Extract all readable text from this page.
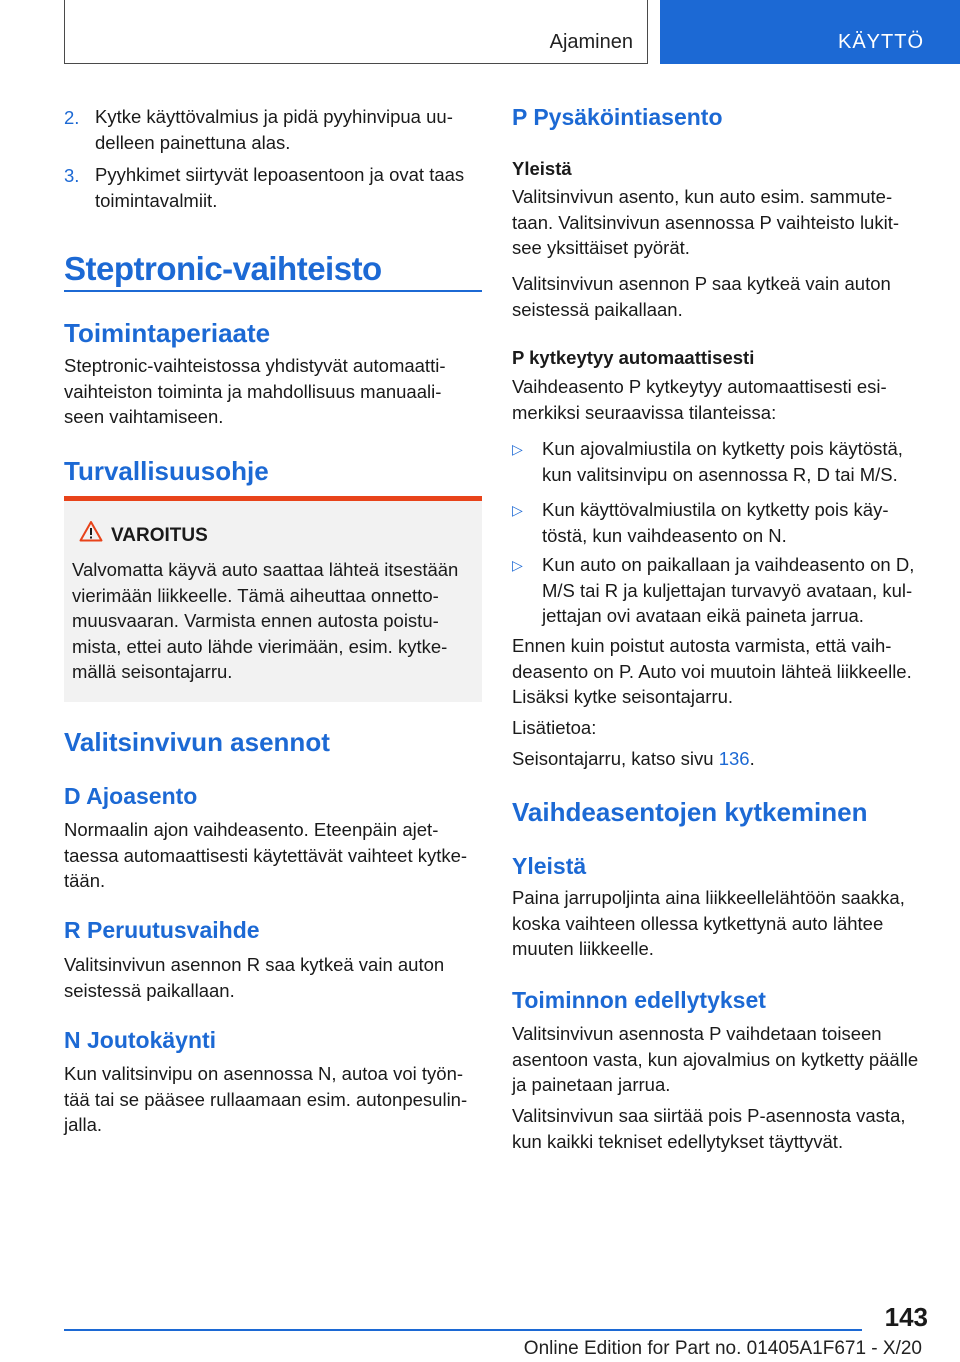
Ajaminen	KÄYTTÖ
2. Kytke käyttövalmius ja pidä pyyhinvipua uu-
delleen painettuna alas.

3. Pyyhkimet siirtyvät lepoasentoon ja ovat taas
toimintavalmiit.

Steptronic-vaihteisto
Toimintaperiaate

Steptronic-vaihteistossa yhdistyvät automaatti-
vaihteiston toiminta ja mahdollisuus manuaali-
seen vaihtamiseen.

Turvallisuusohje
VAROITUS

Valvomatta käyvä auto saattaa lähteä itsestään
vierimään liikkeelle. Tämä aiheuttaa onnetto-
muusvaaran. Varmista ennen autosta poistu-
mista, ettei auto lähde vierimään, esim. kytke-
mällä seisontajarru.

Valitsinvivun asennot
D Ajoasento

Normaalin ajon vaihdeasento. Eteenpäin ajet-
taessa automaattisesti käytettävät vaihteet kytke-
tään.

R Peruutusvaihde

Valitsinvivun asennon R saa kytkeä vain auton
seistessä paikallaan.

N Joutokäynti

Kun valitsinvipu on asennossa N, autoa voi työn-
tää tai se pääsee rullaamaan esim. autonpesulin-
jalla.

P Pysäköintiasento
Yleistä

Valitsinvivun asento, kun auto esim. sammute-
taan. Valitsinvivun asennossa P vaihteisto lukit-
see yksittäiset pyörät.

Valitsinvivun asennon P saa kytkeä vain auton
seistessä paikallaan.

P kytkeytyy automaattisesti

Vaihdeasento P kytkeytyy automaattisesti esi-
merkiksi seuraavissa tilanteissa:

▷ Kun ajovalmiustila on kytketty pois käytöstä,
kun valitsinvipu on asennossa R, D tai M/S.

▷ Kun käyttövalmiustila on kytketty pois käy-
töstä, kun vaihdeasento on N.

▷ Kun auto on paikallaan ja vaihdeasento on D,
M/S tai R ja kuljettajan turvavyö avataan, kul-
jettajan ovi avataan eikä paineta jarrua.

Ennen kuin poistut autosta varmista, että vaih-
deasento on P. Auto voi muutoin lähteä liikkeelle.
Lisäksi kytke seisontajarru.

Lisätietoa:

Seisontajarru, katso sivu 136.

Vaihdeasentojen kytkeminen
Yleistä

Paina jarrupoljinta aina liikkeellelähtöön saakka,
koska vaihteen ollessa kytkettynä auto lähtee
muuten liikkeelle.

Toiminnon edellytykset

Valitsinvivun asennosta P vaihdetaan toiseen
asentoon vasta, kun ajovalmius on kytketty päälle
ja painetaan jarrua.

Valitsinvivun saa siirtää pois P-asennosta vasta,
kun kaikki tekniset edellytykset täyttyvät.

143
Online Edition for Part no. 01405A1F671 - X/20
